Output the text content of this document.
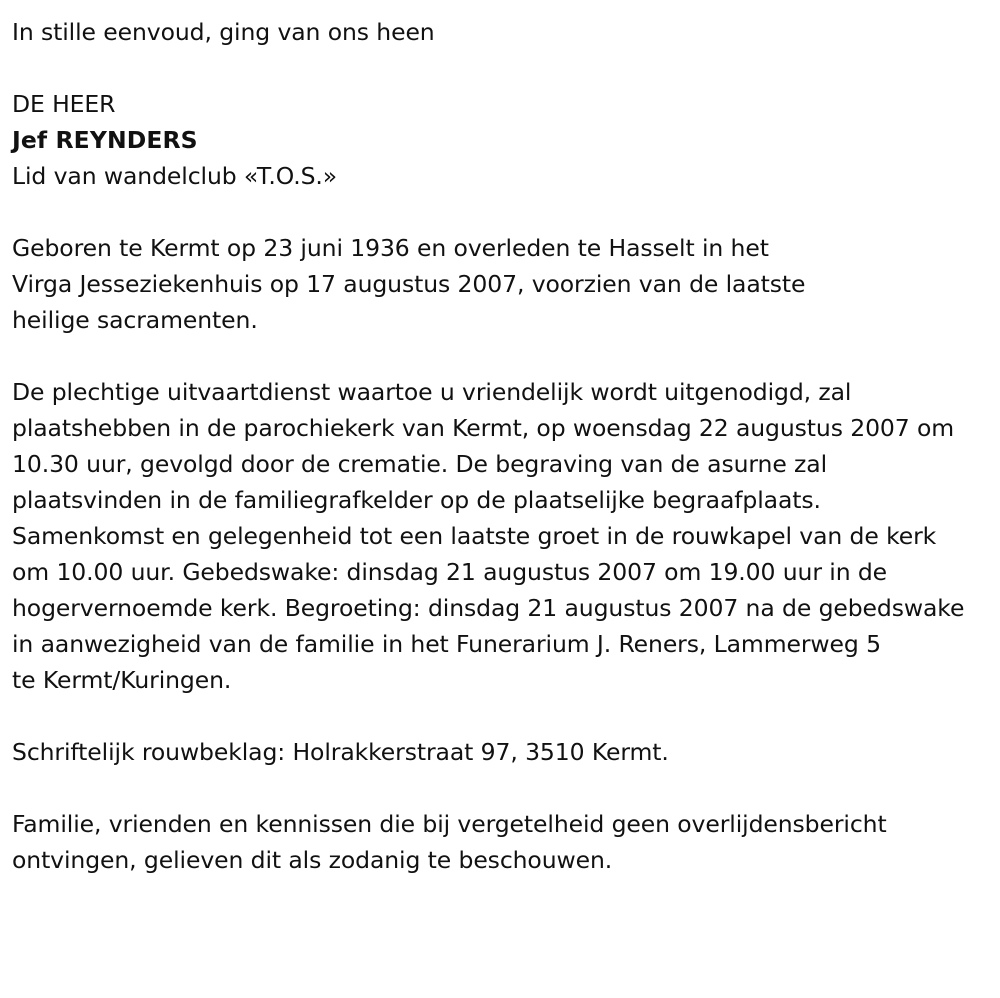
In stille eenvoud, ging van ons heen

DE HEER

Jef REYNDERS

Lid van wandelclub «T.O.S.»

Geboren te Kermt op 23 juni 1936 en overleden te Hasselt in het Virga Jesseziekenhuis op 17 augustus 2007, voorzien van de laatste heilige sacramenten.

De plechtige uitvaartdienst waartoe u vriendelijk wordt uitgenodigd, zal plaatshebben in de parochiekerk van Kermt, op woensdag 22 augustus 2007 om 10.30 uur, gevolgd door de crematie. De begraving van de asurne zal plaatsvinden in de familiegrafkelder op de plaatselijke begraafplaats. Samenkomst en gelegenheid tot een laatste groet in de rouwkapel van de kerk om 10.00 uur. Gebedswake: dinsdag 21 augustus 2007 om 19.00 uur in de hogervernoemde kerk. Begroeting: dinsdag 21 augustus 2007 na de gebedswake in aanwezigheid van de familie in het Funerarium J. Reners, Lammerweg 5 te Kermt/Kuringen.

Schriftelijk rouwbeklag: Holrakkerstraat 97, 3510 Kermt.

Familie, vrienden en kennissen die bij vergetelheid geen overlijdensbericht ontvingen, gelieven dit als zodanig te beschouwen.
